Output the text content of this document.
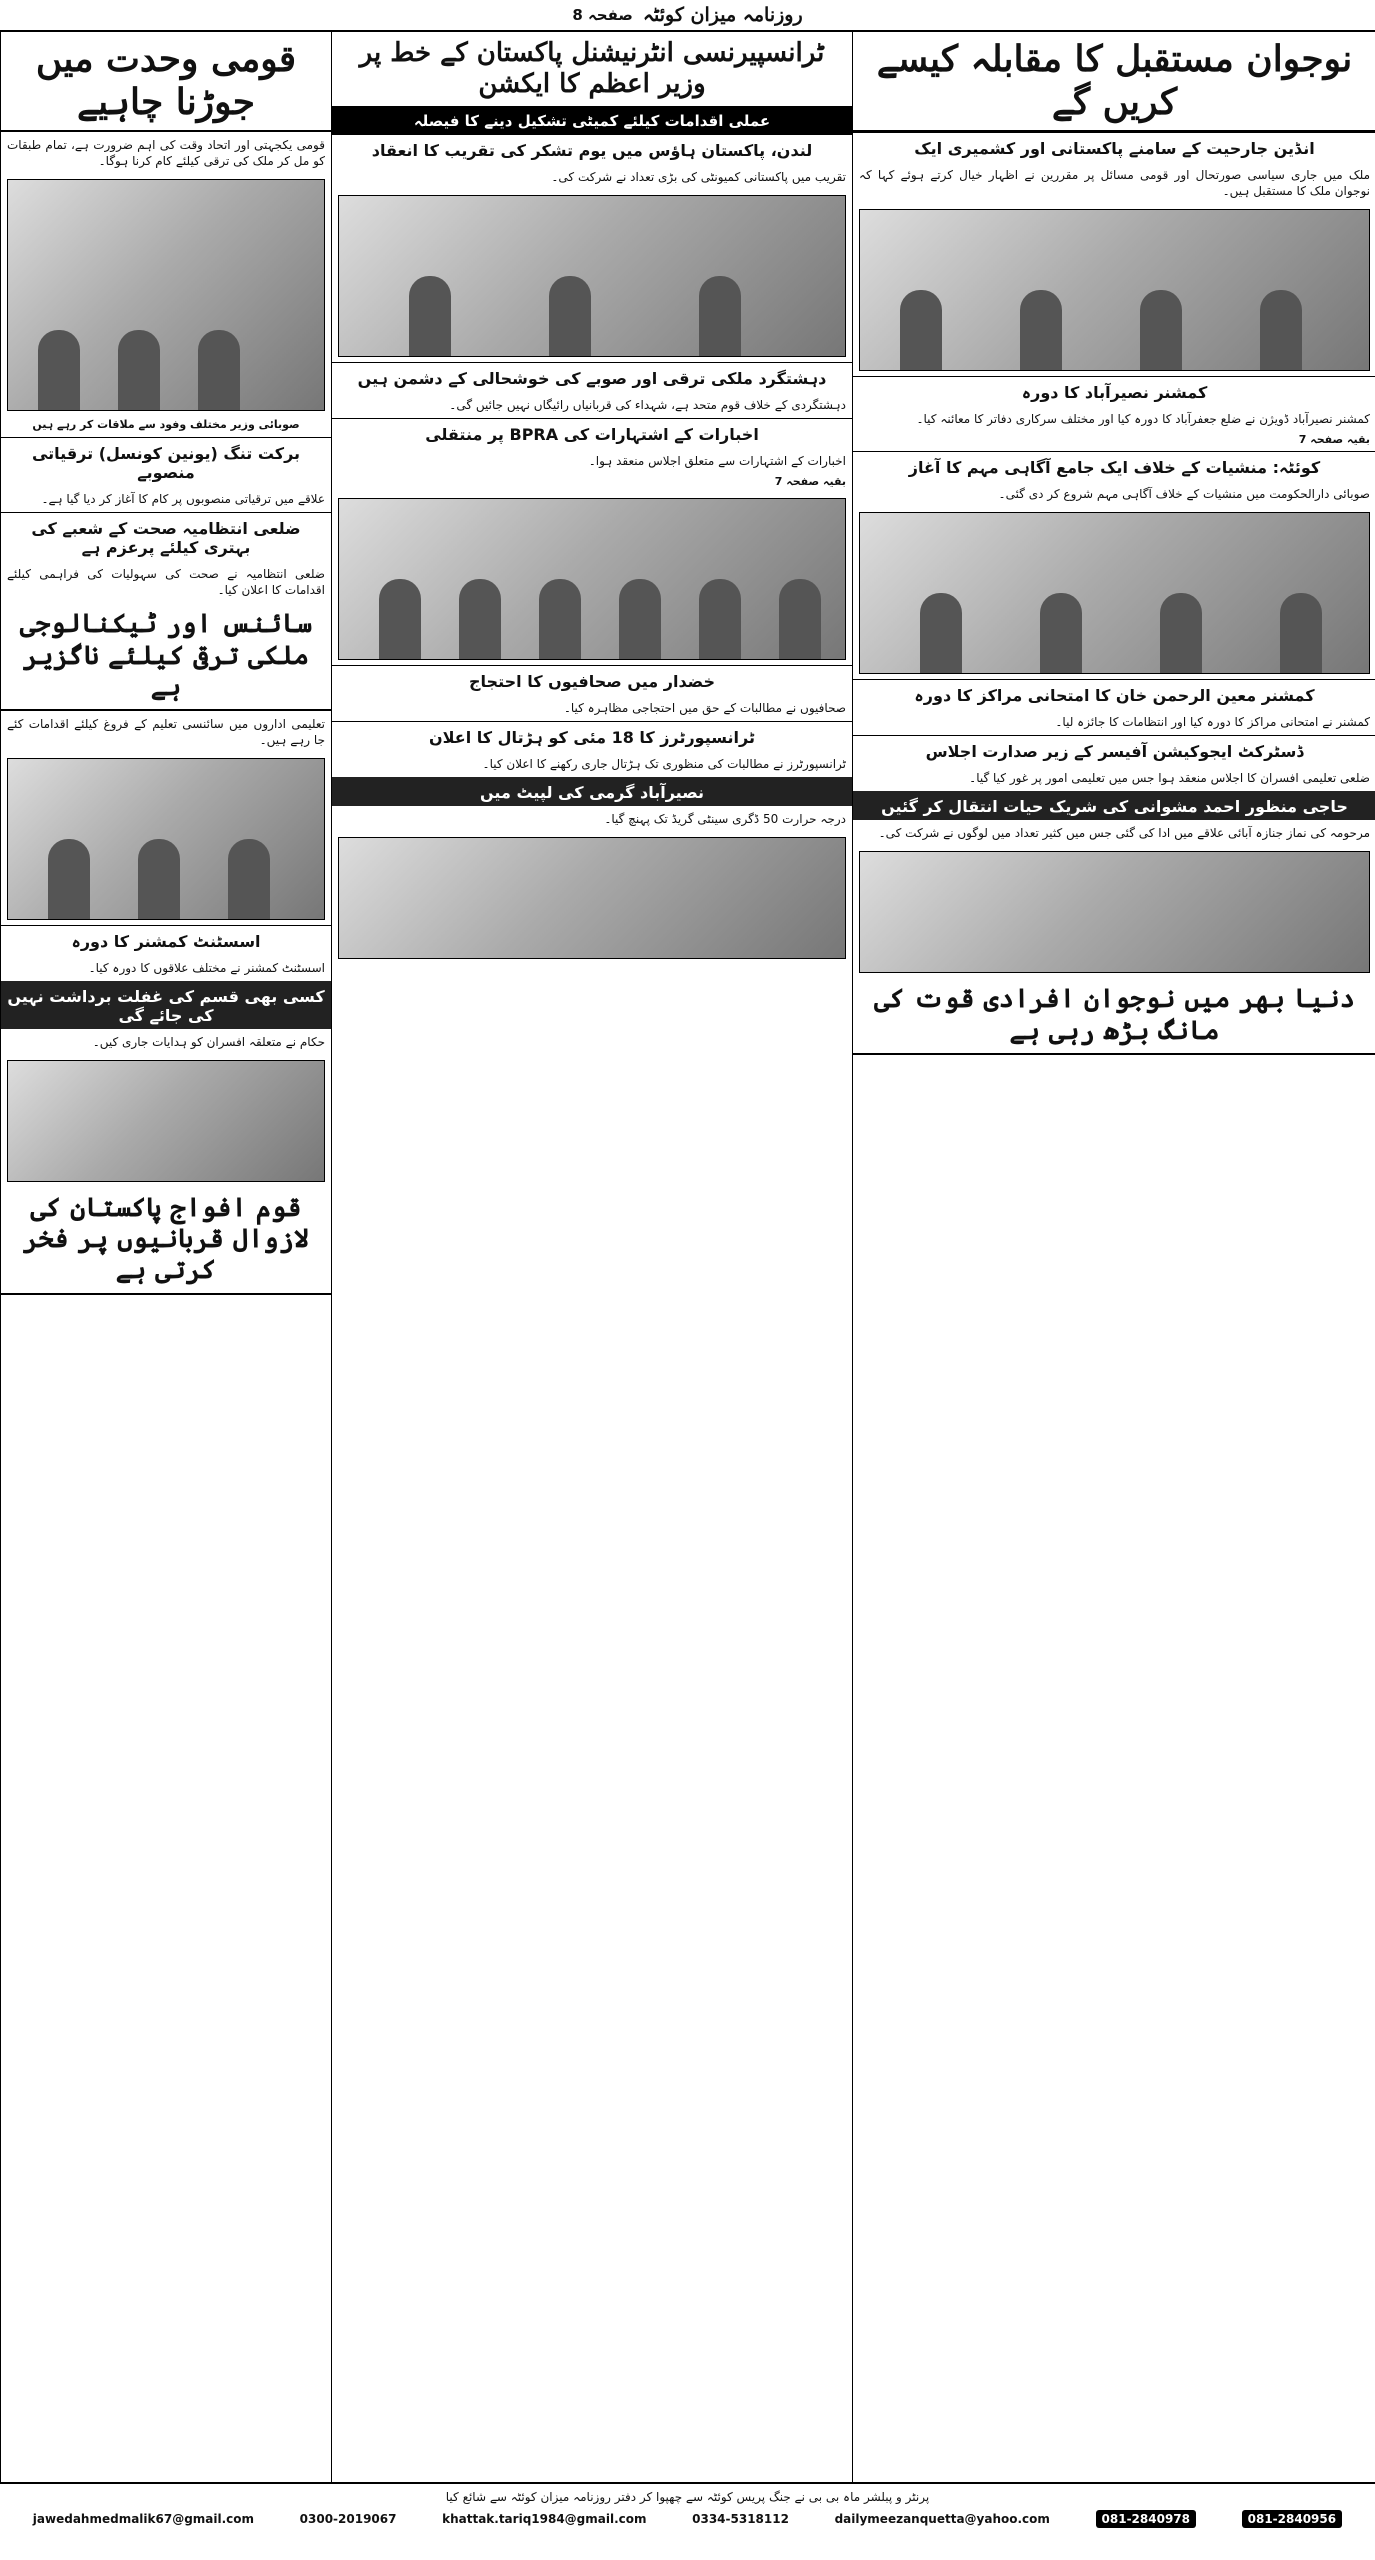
صفحہ 8 روزنامہ میزان کوئٹہ
قومی وحدت میں جوڑنا چاہیے
قومی یکجہتی اور اتحاد وقت کی اہم ضرورت ہے، تمام طبقات کو مل کر ملک کی ترقی کیلئے کام کرنا ہوگا۔
صوبائی وزیر مختلف وفود سے ملاقات کر رہے ہیں
برکت تنگ (یونین کونسل) ترقیاتی منصوبے
علاقے میں ترقیاتی منصوبوں پر کام کا آغاز کر دیا گیا ہے۔
ضلعی انتظامیہ صحت کے شعبے کی بہتری کیلئے پرعزم ہے
ضلعی انتظامیہ نے صحت کی سہولیات کی فراہمی کیلئے اقدامات کا اعلان کیا۔
سائنس اور ٹیکنالوجی ملکی ترقی کیلئے ناگزیر ہے
تعلیمی اداروں میں سائنسی تعلیم کے فروغ کیلئے اقدامات کئے جا رہے ہیں۔
اسسٹنٹ کمشنر کا دورہ
اسسٹنٹ کمشنر نے مختلف علاقوں کا دورہ کیا۔
کسی بھی قسم کی غفلت برداشت نہیں کی جائے گی
حکام نے متعلقہ افسران کو ہدایات جاری کیں۔
قوم افواج پاکستان کی لازوال قربانیوں پر فخر کرتی ہے
ٹرانسپیرنسی انٹرنیشنل پاکستان کے خط پر وزیر اعظم کا ایکشن
عملی اقدامات کیلئے کمیٹی تشکیل دینے کا فیصلہ
لندن، پاکستان ہاؤس میں یوم تشکر کی تقریب کا انعقاد
تقریب میں پاکستانی کمیونٹی کی بڑی تعداد نے شرکت کی۔
دہشتگرد ملکی ترقی اور صوبے کی خوشحالی کے دشمن ہیں
دہشتگردی کے خلاف قوم متحد ہے، شہداء کی قربانیاں رائیگاں نہیں جائیں گی۔
اخبارات کے اشتہارات کی BPRA پر منتقلی
اخبارات کے اشتہارات سے متعلق اجلاس منعقد ہوا۔
بقیہ صفحہ 7
خضدار میں صحافیوں کا احتجاج
صحافیوں نے مطالبات کے حق میں احتجاجی مظاہرہ کیا۔
ٹرانسپورٹرز کا 18 مئی کو ہڑتال کا اعلان
ٹرانسپورٹرز نے مطالبات کی منظوری تک ہڑتال جاری رکھنے کا اعلان کیا۔
نصیرآباد گرمی کی لپیٹ میں
درجہ حرارت 50 ڈگری سینٹی گریڈ تک پہنچ گیا۔
نوجوان مستقبل کا مقابلہ کیسے کریں گے
انڈین جارحیت کے سامنے پاکستانی اور کشمیری ایک
ملک میں جاری سیاسی صورتحال اور قومی مسائل پر مقررین نے اظہار خیال کرتے ہوئے کہا کہ نوجوان ملک کا مستقبل ہیں۔
کمشنر نصیرآباد کا دورہ
کمشنر نصیرآباد ڈویژن نے ضلع جعفرآباد کا دورہ کیا اور مختلف سرکاری دفاتر کا معائنہ کیا۔
بقیہ صفحہ 7
کوئٹہ: منشیات کے خلاف ایک جامع آگاہی مہم کا آغاز
صوبائی دارالحکومت میں منشیات کے خلاف آگاہی مہم شروع کر دی گئی۔
کمشنر معین الرحمن خان کا امتحانی مراکز کا دورہ
کمشنر نے امتحانی مراکز کا دورہ کیا اور انتظامات کا جائزہ لیا۔
ڈسٹرکٹ ایجوکیشن آفیسر کے زیر صدارت اجلاس
ضلعی تعلیمی افسران کا اجلاس منعقد ہوا جس میں تعلیمی امور پر غور کیا گیا۔
حاجی منظور احمد مشوانی کی شریک حیات انتقال کر گئیں
مرحومہ کی نماز جنازہ آبائی علاقے میں ادا کی گئی جس میں کثیر تعداد میں لوگوں نے شرکت کی۔
دنیا بھر میں نوجوان افرادی قوت کی مانگ بڑھ رہی ہے
پرنٹر و پبلشر ماہ بی بی نے جنگ پریس کوئٹہ سے چھپوا کر دفتر روزنامہ میزان کوئٹہ سے شائع کیا
jawedahmedmalik67@gmail.com	0300-2019067	khattak.tariq1984@gmail.com	0334-5318112	dailymeezanquetta@yahoo.com	081-2840978	081-2840956
